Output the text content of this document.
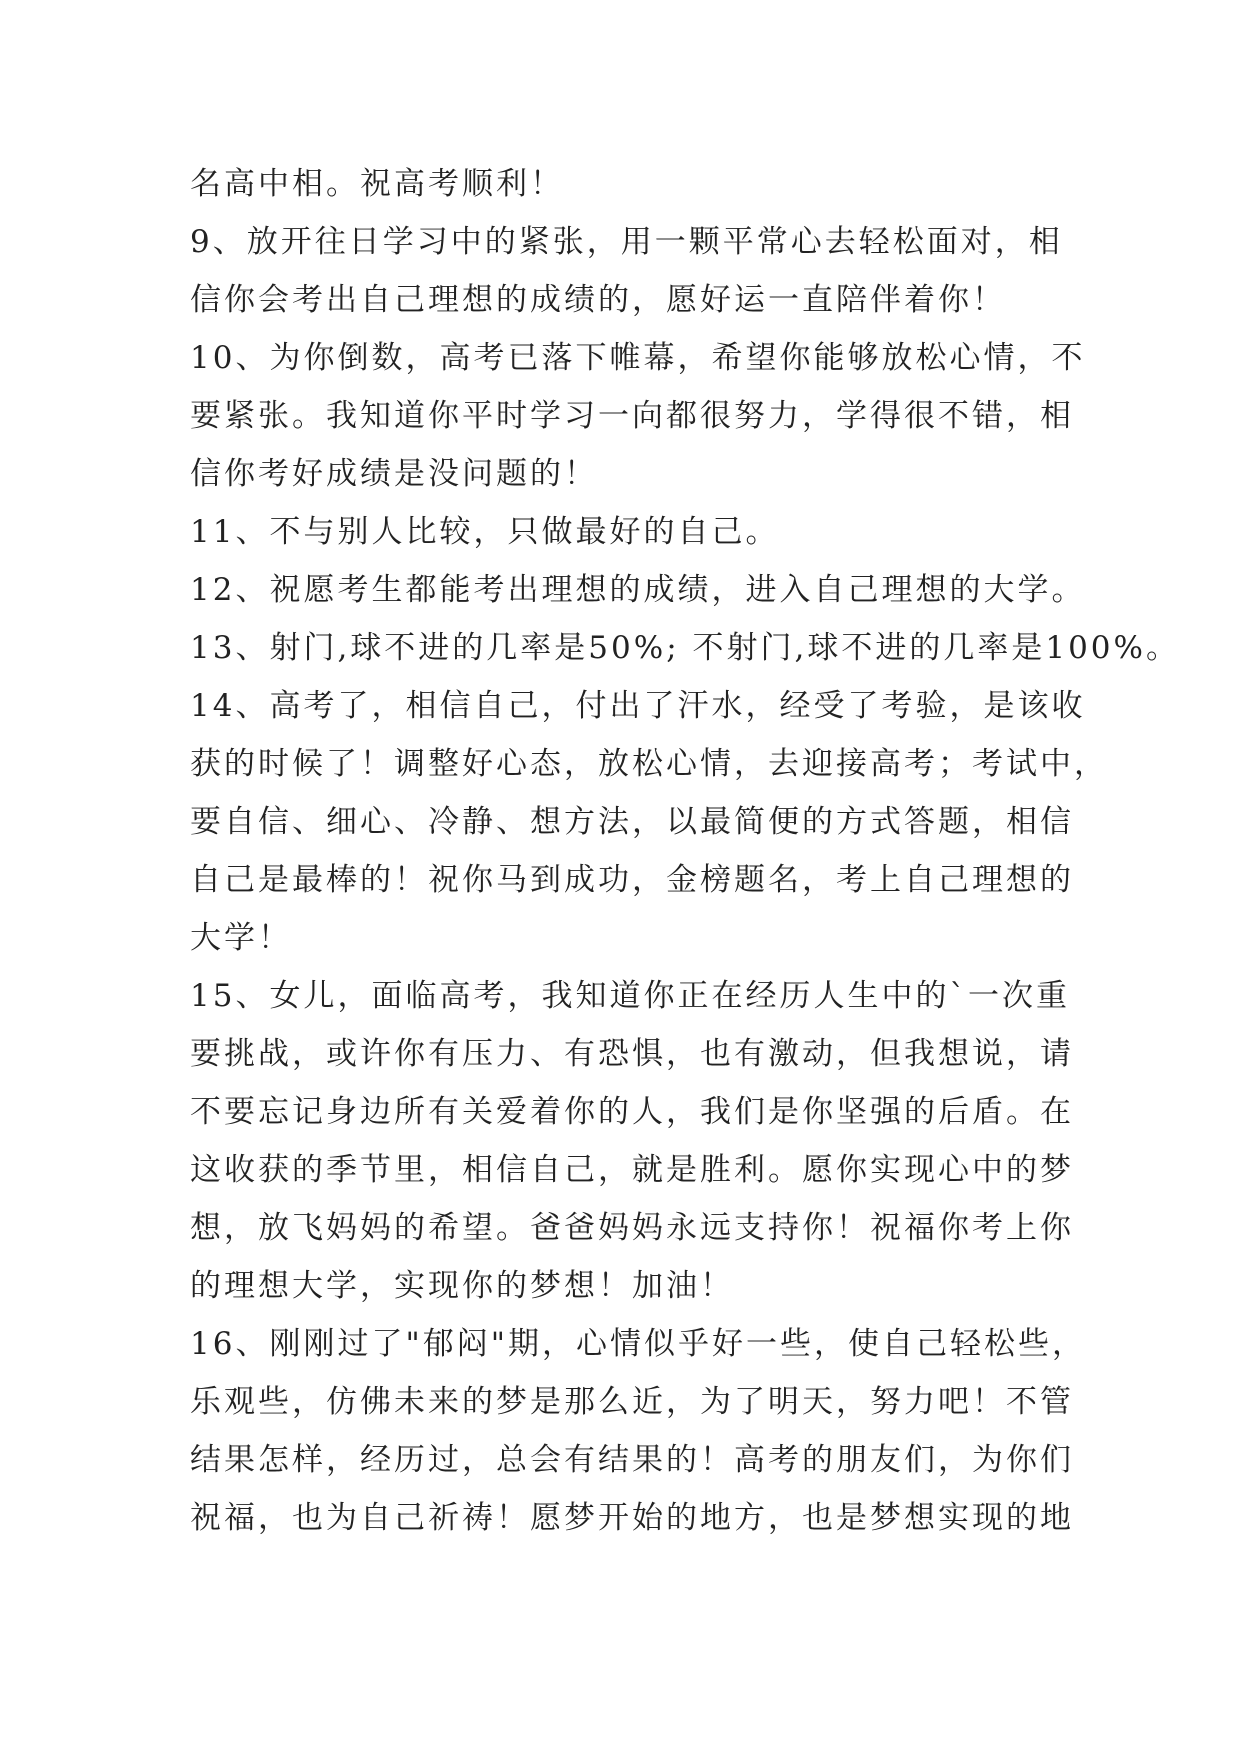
名高中相。祝高考顺利！
9、放开往日学习中的紧张，用一颗平常心去轻松面对，相
信你会考出自己理想的成绩的，愿好运一直陪伴着你！
10、为你倒数，高考已落下帷幕，希望你能够放松心情，不
要紧张。我知道你平时学习一向都很努力，学得很不错，相
信你考好成绩是没问题的！
11、不与别人比较，只做最好的自己。
12、祝愿考生都能考出理想的成绩，进入自己理想的大学。
13、射门,球不进的几率是50%; 不射门,球不进的几率是100%。
14、高考了，相信自己，付出了汗水，经受了考验，是该收
获的时候了！调整好心态，放松心情，去迎接高考；考试中，
要自信、细心、冷静、想方法，以最简便的方式答题，相信
自己是最棒的！祝你马到成功，金榜题名，考上自己理想的
大学！
15、女儿，面临高考，我知道你正在经历人生中的`一次重
要挑战，或许你有压力、有恐惧，也有激动，但我想说，请
不要忘记身边所有关爱着你的人，我们是你坚强的后盾。在
这收获的季节里，相信自己，就是胜利。愿你实现心中的梦
想，放飞妈妈的希望。爸爸妈妈永远支持你！祝福你考上你
的理想大学，实现你的梦想！加油！
16、刚刚过了"郁闷"期，心情似乎好一些，使自己轻松些，
乐观些，仿佛未来的梦是那么近，为了明天，努力吧！不管
结果怎样，经历过，总会有结果的！高考的朋友们，为你们
祝福，也为自己祈祷！愿梦开始的地方，也是梦想实现的地
